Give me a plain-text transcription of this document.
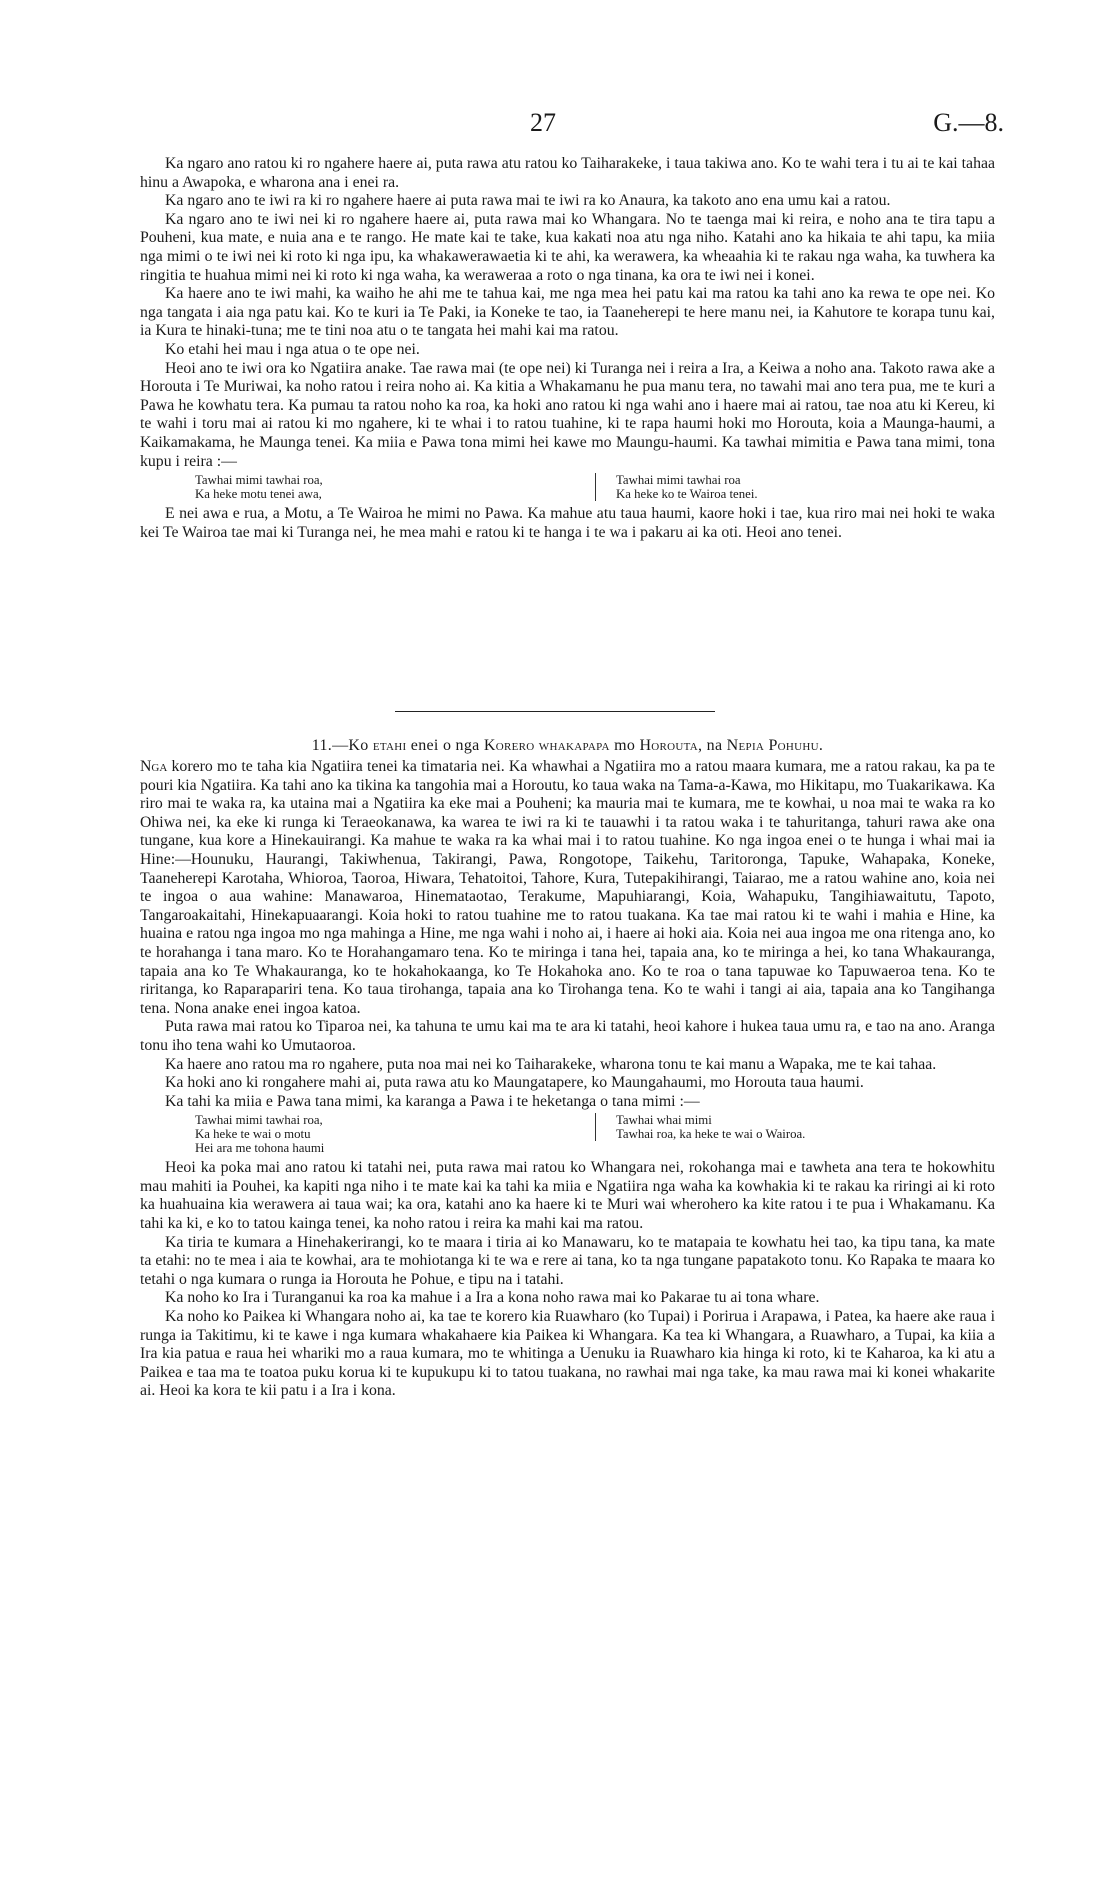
27	G.—8.

Ka ngaro ano ratou ki ro ngahere haere ai, puta rawa atu ratou ko Taiharakeke, i taua takiwa ano. Ko te wahi tera i tu ai te kai tahaa hinu a Awapoka, e wharona ana i enei ra.

Ka ngaro ano te iwi ra ki ro ngahere haere ai puta rawa mai te iwi ra ko Anaura, ka takoto ano ena umu kai a ratou.

Ka ngaro ano te iwi nei ki ro ngahere haere ai, puta rawa mai ko Whangara. No te taenga mai ki reira, e noho ana te tira tapu a Pouheni, kua mate, e nuia ana e te rango. He mate kai te take, kua kakati noa atu nga niho. Katahi ano ka hikaia te ahi tapu, ka miia nga mimi o te iwi nei ki roto ki nga ipu, ka whakawerawaetia ki te ahi, ka werawera, ka wheaahia ki te rakau nga waha, ka tuwhera ka ringitia te huahua mimi nei ki roto ki nga waha, ka weraweraa a roto o nga tinana, ka ora te iwi nei i konei.

Ka haere ano te iwi mahi, ka waiho he ahi me te tahua kai, me nga mea hei patu kai ma ratou ka tahi ano ka rewa te ope nei. Ko nga tangata i aia nga patu kai. Ko te kuri ia Te Paki, ia Koneke te tao, ia Taaneherepi te here manu nei, ia Kahutore te korapa tunu kai, ia Kura te hinaki-tuna; me te tini noa atu o te tangata hei mahi kai ma ratou.

Ko etahi hei mau i nga atua o te ope nei.

Heoi ano te iwi ora ko Ngatiira anake. Tae rawa mai (te ope nei) ki Turanga nei i reira a Ira, a Keiwa a noho ana. Takoto rawa ake a Horouta i Te Muriwai, ka noho ratou i reira noho ai. Ka kitia a Whakamanu he pua manu tera, no tawahi mai ano tera pua, me te kuri a Pawa he kowhatu tera. Ka pumau ta ratou noho ka roa, ka hoki ano ratou ki nga wahi ano i haere mai ai ratou, tae noa atu ki Kereu, ki te wahi i toru mai ai ratou ki mo ngahere, ki te whai i to ratou tuahine, ki te rapa haumi hoki mo Horouta, koia a Maunga-haumi, a Kaikamakama, he Maunga tenei. Ka miia e Pawa tona mimi hei kawe mo Maungu-haumi. Ka tawhai mimitia e Pawa tana mimi, tona kupu i reira :—

Tawhai mimi tawhai roa,
Ka heke motu tenei awa,
Tawhai mimi tawhai roa
Ka heke ko te Wairoa tenei.

E nei awa e rua, a Motu, a Te Wairoa he mimi no Pawa. Ka mahue atu taua haumi, kaore hoki i tae, kua riro mai nei hoki te waka kei Te Wairoa tae mai ki Turanga nei, he mea mahi e ratou ki te hanga i te wa i pakaru ai ka oti. Heoi ano tenei.

11.—Ko etahi enei o nga Korero whakapapa mo Horouta, na Nepia Pohuhu.

Nga korero mo te taha kia Ngatiira tenei ka timataria nei. Ka whawhai a Ngatiira mo a ratou maara kumara, me a ratou rakau, ka pa te pouri kia Ngatiira. Ka tahi ano ka tikina ka tangohia mai a Horoutu, ko taua waka na Tama-a-Kawa, mo Hikitapu, mo Tuakarikawa. Ka riro mai te waka ra, ka utaina mai a Ngatiira ka eke mai a Pouheni; ka mauria mai te kumara, me te kowhai, u noa mai te waka ra ko Ohiwa nei, ka eke ki runga ki Teraeokanawa, ka warea te iwi ra ki te tauawhi i ta ratou waka i te tahuritanga, tahuri rawa ake ona tungane, kua kore a Hinekauirangi. Ka mahue te waka ra ka whai mai i to ratou tuahine. Ko nga ingoa enei o te hunga i whai mai ia Hine:—Hounuku, Haurangi, Takiwhenua, Takirangi, Pawa, Rongotope, Taikehu, Taritoronga, Tapuke, Wahapaka, Koneke, Taaneherepi Karotaha, Whioroa, Taoroa, Hiwara, Tehatoitoi, Tahore, Kura, Tutepakihirangi, Taiarao, me a ratou wahine ano, koia nei te ingoa o aua wahine: Manawaroa, Hinemataotao, Terakume, Mapuhiarangi, Koia, Wahapuku, Tangihiawaitutu, Tapoto, Tangaroakaitahi, Hinekapuaarangi. Koia hoki to ratou tuahine me to ratou tuakana. Ka tae mai ratou ki te wahi i mahia e Hine, ka huaina e ratou nga ingoa mo nga mahinga a Hine, me nga wahi i noho ai, i haere ai hoki aia. Koia nei aua ingoa me ona ritenga ano, ko te horahanga i tana maro. Ko te Horahangamaro tena. Ko te miringa i tana hei, tapaia ana, ko te miringa a hei, ko tana Whakauranga, tapaia ana ko Te Whakauranga, ko te hokahokaanga, ko Te Hokahoka ano. Ko te roa o tana tapuwae ko Tapuwaeroa tena. Ko te riritanga, ko Raparapariri tena. Ko taua tirohanga, tapaia ana ko Tirohanga tena. Ko te wahi i tangi ai aia, tapaia ana ko Tangihanga tena. Nona anake enei ingoa katoa.

Puta rawa mai ratou ko Tiparoa nei, ka tahuna te umu kai ma te ara ki tatahi, heoi kahore i hukea taua umu ra, e tao na ano. Aranga tonu iho tena wahi ko Umutaoroa.

Ka haere ano ratou ma ro ngahere, puta noa mai nei ko Taiharakeke, wharona tonu te kai manu a Wapaka, me te kai tahaa.

Ka hoki ano ki rongahere mahi ai, puta rawa atu ko Maungatapere, ko Maungahaumi, mo Horouta taua haumi.

Ka tahi ka miia e Pawa tana mimi, ka karanga a Pawa i te heketanga o tana mimi :—

Tawhai mimi tawhai roa,
Ka heke te wai o motu
Hei ara me tohona haumi
Tawhai whai mimi
Tawhai roa, ka heke te wai o Wairoa.

Heoi ka poka mai ano ratou ki tatahi nei, puta rawa mai ratou ko Whangara nei, rokohanga mai e tawheta ana tera te hokowhitu mau mahiti ia Pouhei, ka kapiti nga niho i te mate kai ka tahi ka miia e Ngatiira nga waha ka kowhakia ki te rakau ka riringi ai ki roto ka huahuaina kia werawera ai taua wai; ka ora, katahi ano ka haere ki te Muri wai wherohero ka kite ratou i te pua i Whakamanu. Ka tahi ka ki, e ko to tatou kainga tenei, ka noho ratou i reira ka mahi kai ma ratou.

Ka tiria te kumara a Hinehakerirangi, ko te maara i tiria ai ko Manawaru, ko te matapaia te kowhatu hei tao, ka tipu tana, ka mate ta etahi: no te mea i aia te kowhai, ara te mohiotanga ki te wa e rere ai tana, ko ta nga tungane papatakoto tonu. Ko Rapaka te maara ko tetahi o nga kumara o runga ia Horouta he Pohue, e tipu na i tatahi.

Ka noho ko Ira i Turanganui ka roa ka mahue i a Ira a kona noho rawa mai ko Pakarae tu ai tona whare.

Ka noho ko Paikea ki Whangara noho ai, ka tae te korero kia Ruawharo (ko Tupai) i Porirua i Arapawa, i Patea, ka haere ake raua i runga ia Takitimu, ki te kawe i nga kumara whakahaere kia Paikea ki Whangara. Ka tea ki Whangara, a Ruawharo, a Tupai, ka kiia a Ira kia patua e raua hei whariki mo a raua kumara, mo te whitinga a Uenuku ia Ruawharo kia hinga ki roto, ki te Kaharoa, ka ki atu a Paikea e taa ma te toatoa puku korua ki te kupukupu ki to tatou tuakana, no rawhai mai nga take, ka mau rawa mai ki konei whakarite ai. Heoi ka kora te kii patu i a Ira i kona.
